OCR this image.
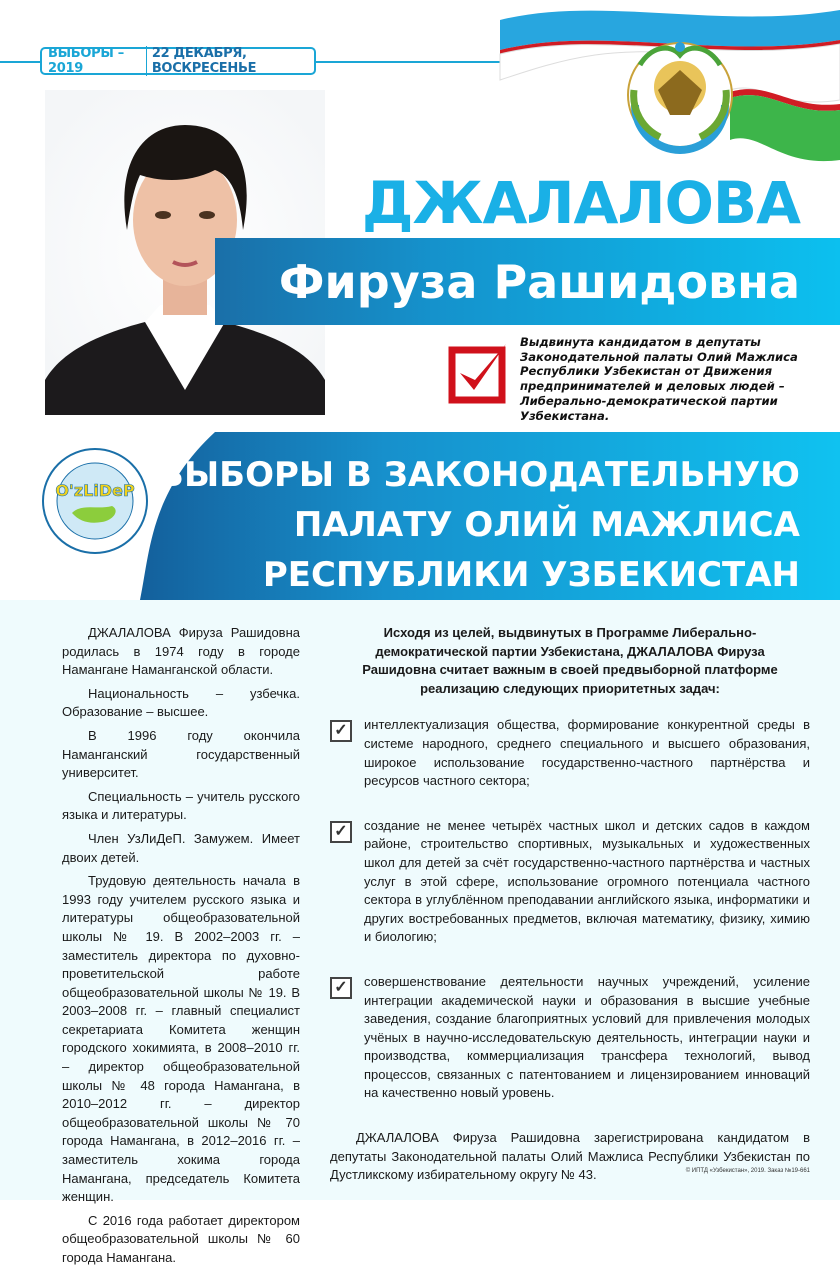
ВЫБОРЫ – 2019
22 ДЕКАБРЯ, ВОСКРЕСЕНЬЕ
ДЖАЛАЛОВА
Фируза Рашидовна
Выдвинута кандидатом в депутаты Законодательной палаты Олий Мажлиса Республики Узбекистан от Движения предпринимателей и деловых людей – Либерально-демократической партии Узбекистана.
ВЫБОРЫ В ЗАКОНОДАТЕЛЬНУЮ
ПАЛАТУ ОЛИЙ МАЖЛИСА
РЕСПУБЛИКИ УЗБЕКИСТАН
O'zLiDeP

ДЖАЛАЛОВА Фируза Рашидовна родилась в 1974 году в городе Намангане Наманганской области.

Национальность – узбечка. Образование – высшее.

В 1996 году окончила Наманганский государственный университет.

Специальность – учитель русского языка и литературы.

Член УзЛиДеП. Замужем. Имеет двоих детей.

Трудовую деятельность начала в 1993 году учителем русского языка и литературы общеобразовательной школы № 19. В 2002–2003 гг. – заместитель директора по духовно-проветительской работе общеобразовательной школы № 19. В 2003–2008 гг. – главный специалист секретариата Комитета женщин городского хокимията, в 2008–2010 гг. – директор общеобразовательной школы № 48 города Намангана, в 2010–2012 гг. – директор общеобразовательной школы № 70 города Намангана, в 2012–2016 гг. – заместитель хокима города Намангана, председатель Комитета женщин.

С 2016 года работает директором общеобразовательной школы № 60 города Намангана.

Исходя из целей, выдвинутых в Программе Либерально-демократической партии Узбекистана, ДЖАЛАЛОВА Фируза Рашидовна считает важным в своей предвыборной платформе реализацию следующих приоритетных задач:

✓	интеллектуализация общества, формирование конкурентной среды в системе народного, среднего специального и высшего образования, широкое использование государственно-частного партнёрства и ресурсов частного сектора;
✓	создание не менее четырёх частных школ и детских садов в каждом районе, строительство спортивных, музыкальных и художественных школ для детей за счёт государственно-частного партнёрства и частных услуг в этой сфере, использование огромного потенциала частного сектора в углублённом преподавании английского языка, информатики и других востребованных предметов, включая математику, физику, химию и биологию;
✓	совершенствование деятельности научных учреждений, усиление интеграции академической науки и образования в высшие учебные заведения, создание благоприятных условий для привлечения молодых учёных в научно-исследовательскую деятельность, интеграции науки и производства, коммерциализация трансфера технологий, вывод процессов, связанных с патентованием и лицензированием инноваций на качественно новый уровень.

ДЖАЛАЛОВА Фируза Рашидовна зарегистрирована кандидатом в депутаты Законодательной палаты Олий Мажлиса Республики Узбекистан по Дустликскому избирательному округу № 43.	© ИПТД «Узбекистан», 2019. Заказ №19-661
